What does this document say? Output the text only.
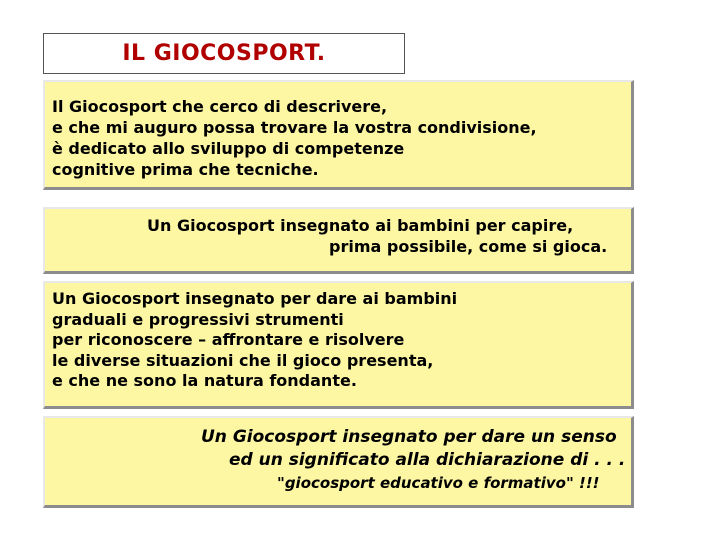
IL GIOCOSPORT.
Il Giocosport che cerco di descrivere,
e che mi auguro possa trovare la vostra condivisione,
è dedicato allo sviluppo di competenze
cognitive prima che tecniche.
Un Giocosport insegnato ai bambini per capire,
prima possibile, come si gioca.
Un Giocosport insegnato per dare ai bambini
graduali e progressivi strumenti
per riconoscere – affrontare e risolvere
le diverse situazioni che il gioco presenta,
e che ne sono la natura fondante.
Un Giocosport insegnato per dare un senso
ed un significato alla dichiarazione di . . .
"giocosport educativo e formativo" !!!
